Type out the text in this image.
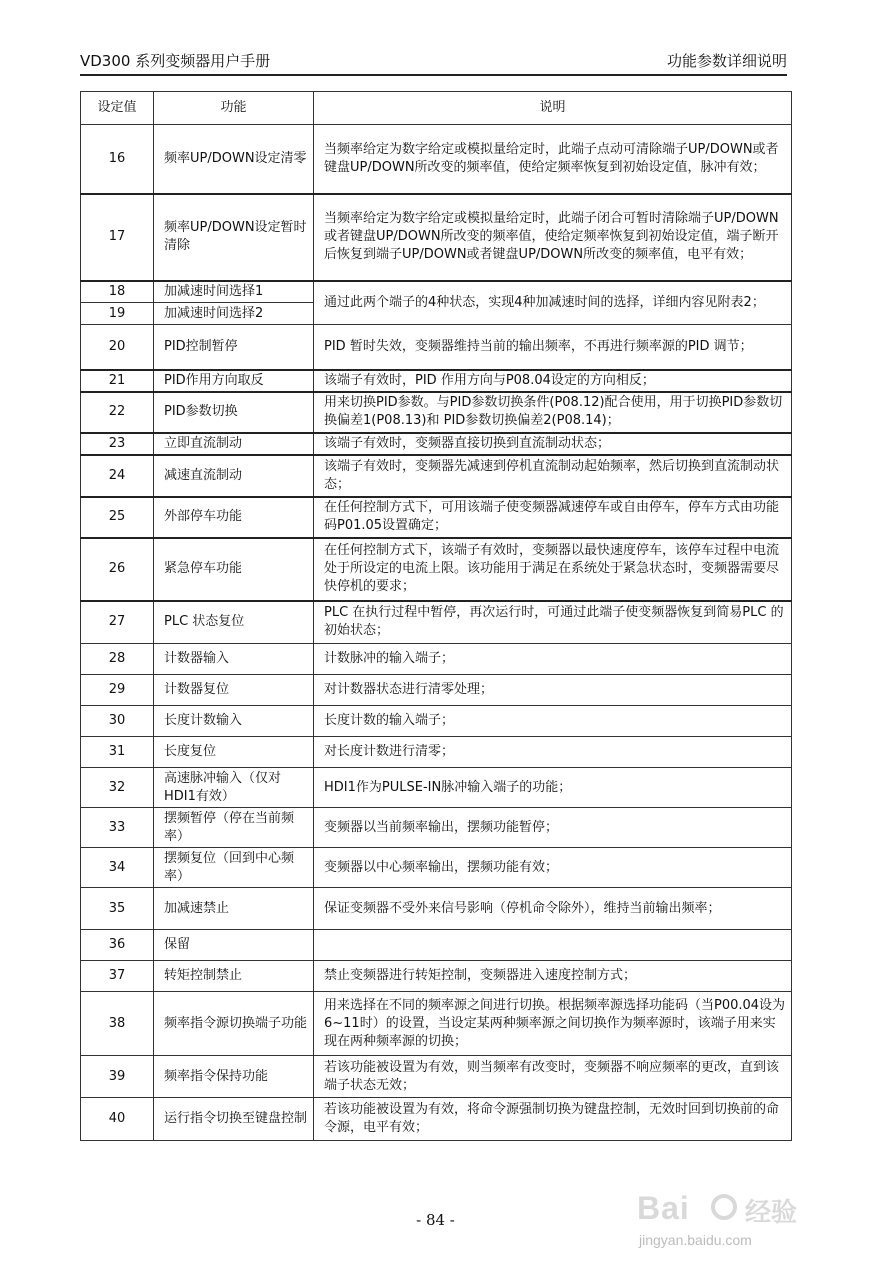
VD300 系列变频器用户手册	功能参数详细说明
设定值	功能	说明
16	频率UP/DOWN设定清零	当频率给定为数字给定或模拟量给定时，此端子点动可清除端子UP/DOWN或者键盘UP/DOWN所改变的频率值，使给定频率恢复到初始设定值，脉冲有效；
17	频率UP/DOWN设定暂时清除	当频率给定为数字给定或模拟量给定时，此端子闭合可暂时清除端子UP/DOWN或者键盘UP/DOWN所改变的频率值，使给定频率恢复到初始设定值，端子断开后恢复到端子UP/DOWN或者键盘UP/DOWN所改变的频率值，电平有效；
18	加减速时间选择1	通过此两个端子的4种状态，实现4种加减速时间的选择，详细内容见附表2；
19	加减速时间选择2	
20	PID控制暂停	PID 暂时失效，变频器维持当前的输出频率，不再进行频率源的PID 调节；
21	PID作用方向取反	该端子有效时，PID 作用方向与P08.04设定的方向相反；
22	PID参数切换	用来切换PID参数。与PID参数切换条件(P08.12)配合使用，用于切换PID参数切换偏差1(P08.13)和 PID参数切换偏差2(P08.14)；
23	立即直流制动	该端子有效时，变频器直接切换到直流制动状态；
24	减速直流制动	该端子有效时，变频器先减速到停机直流制动起始频率，然后切换到直流制动状态；
25	外部停车功能	在任何控制方式下，可用该端子使变频器减速停车或自由停车，停车方式由功能码P01.05设置确定；
26	紧急停车功能	在任何控制方式下，该端子有效时，变频器以最快速度停车，该停车过程中电流处于所设定的电流上限。该功能用于满足在系统处于紧急状态时，变频器需要尽快停机的要求；
27	PLC 状态复位	PLC 在执行过程中暂停，再次运行时，可通过此端子使变频器恢复到简易PLC 的初始状态；
28	计数器输入	计数脉冲的输入端子；
29	计数器复位	对计数器状态进行清零处理；
30	长度计数输入	长度计数的输入端子；
31	长度复位	对长度计数进行清零；
32	高速脉冲输入（仅对HDI1有效）	HDI1作为PULSE-IN脉冲输入端子的功能；
33	摆频暂停（停在当前频率）	变频器以当前频率输出，摆频功能暂停；
34	摆频复位（回到中心频率）	变频器以中心频率输出，摆频功能有效；
35	加减速禁止	保证变频器不受外来信号影响（停机命令除外），维持当前输出频率；
36	保留	
37	转矩控制禁止	禁止变频器进行转矩控制，变频器进入速度控制方式；
38	频率指令源切换端子功能	用来选择在不同的频率源之间进行切换。根据频率源选择功能码（当P00.04设为6~11时）的设置，当设定某两种频率源之间切换作为频率源时，该端子用来实现在两种频率源的切换；
39	频率指令保持功能	若该功能被设置为有效，则当频率有改变时，变频器不响应频率的更改，直到该端子状态无效；
40	运行指令切换至键盘控制	若该功能被设置为有效，将命令源强制切换为键盘控制，无效时回到切换前的命令源，电平有效；
- 84 -	Bai 经验
jingyan.baidu.com
